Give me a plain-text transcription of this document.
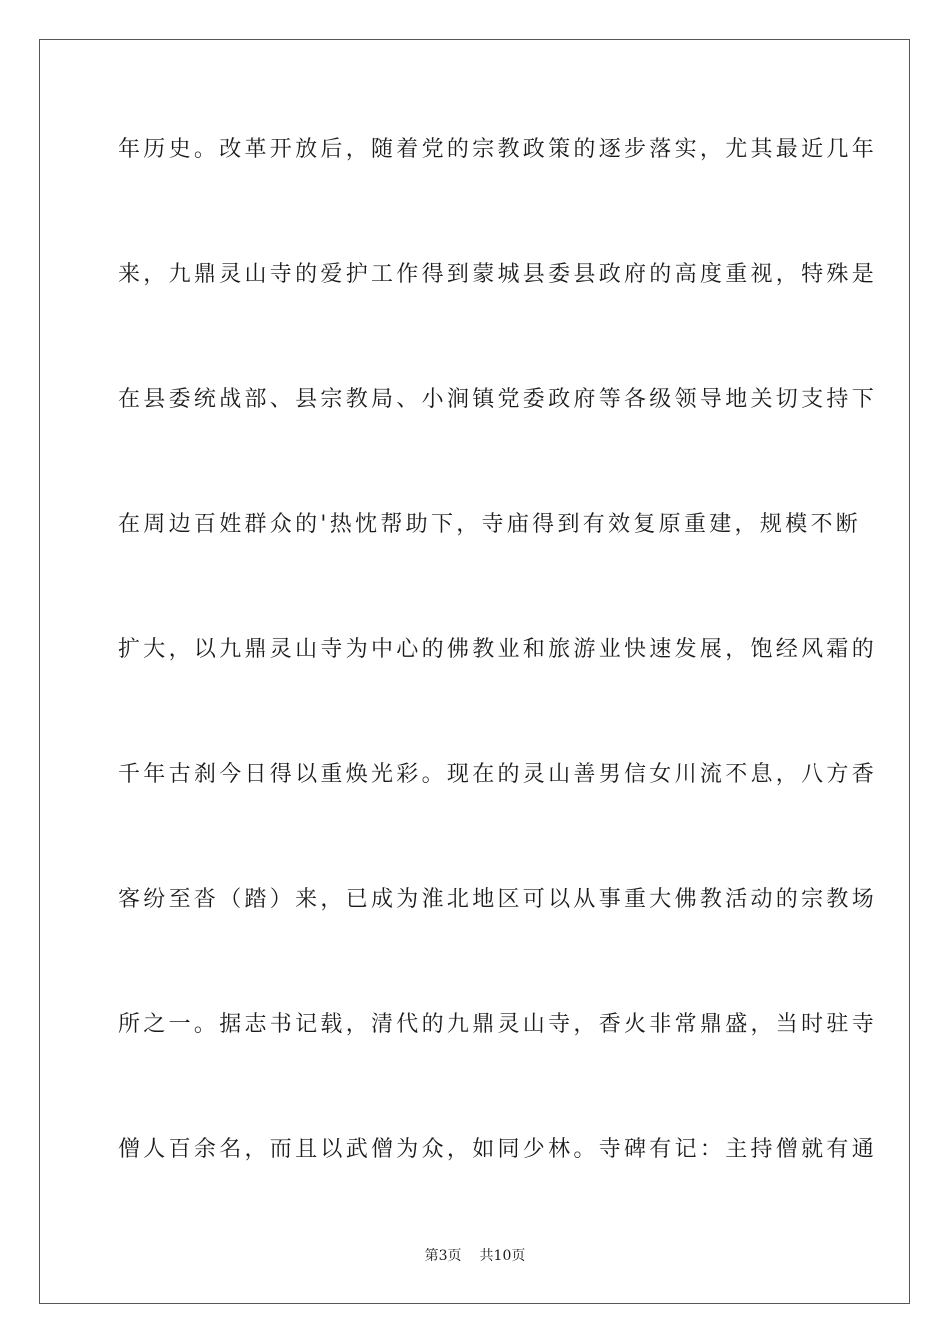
年历史。改革开放后，随着党的宗教政策的逐步落实，尤其最近几年

来，九鼎灵山寺的爱护工作得到蒙城县委县政府的高度重视，特殊是

在县委统战部、县宗教局、小涧镇党委政府等各级领导地关切支持下

在周边百姓群众的'热忱帮助下，寺庙得到有效复原重建，规模不断

扩大，以九鼎灵山寺为中心的佛教业和旅游业快速发展，饱经风霜的

千年古刹今日得以重焕光彩。现在的灵山善男信女川流不息，八方香

客纷至沓（踏）来，已成为淮北地区可以从事重大佛教活动的宗教场

所之一。据志书记载，清代的九鼎灵山寺，香火非常鼎盛，当时驻寺

僧人百余名，而且以武僧为众，如同少林。寺碑有记：主持僧就有通

第3页 共10页
